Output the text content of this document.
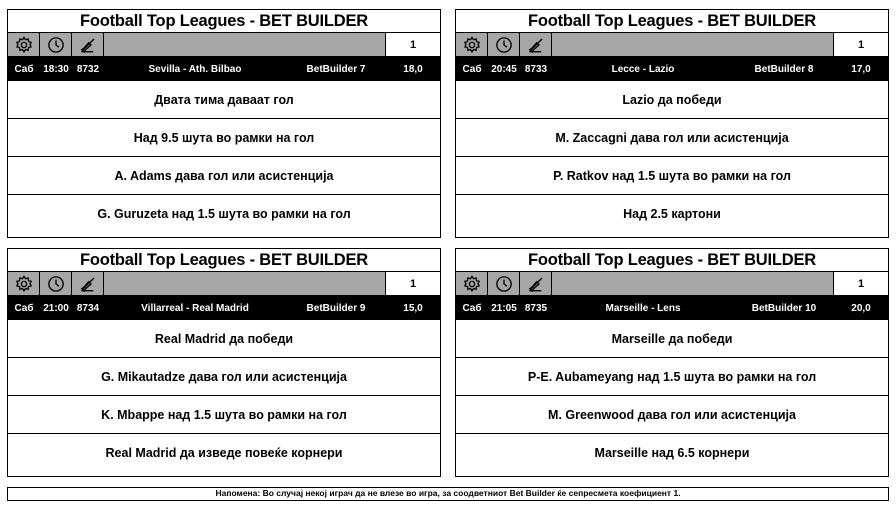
Football Top Leagues - BET BUILDER
1
Саб 18:30 8732	Sevilla - Ath. Bilbao	BetBuilder 7	18,0
Двата тима даваат гол
Над 9.5 шута во рамки на гол
A. Adams дава гол или асистенција
G. Guruzeta над 1.5 шута во рамки на гол
Football Top Leagues - BET BUILDER
1
Саб 20:45 8733	Lecce - Lazio	BetBuilder 8	17,0
Lazio да победи
M. Zaccagni дава гол или асистенција
P. Ratkov над 1.5 шута во рамки на гол
Над 2.5 картони
Football Top Leagues - BET BUILDER
1
Саб 21:00 8734	Villarreal - Real Madrid	BetBuilder 9	15,0
Real Madrid да победи
G. Mikautadze дава гол или асистенција
K. Mbappe над 1.5 шута во рамки на гол
Real Madrid да изведе повеќе корнери
Football Top Leagues - BET BUILDER
1
Саб 21:05 8735	Marseille - Lens	BetBuilder 10	20,0
Marseille да победи
P-E. Aubameyang над 1.5 шута во рамки на гол
M. Greenwood дава гол или асистенција
Marseille над 6.5 корнери
Напомена: Во случај некој играч да не влезе во игра, за соодветниот Bet Builder ќе сепресмета коефициент 1.
